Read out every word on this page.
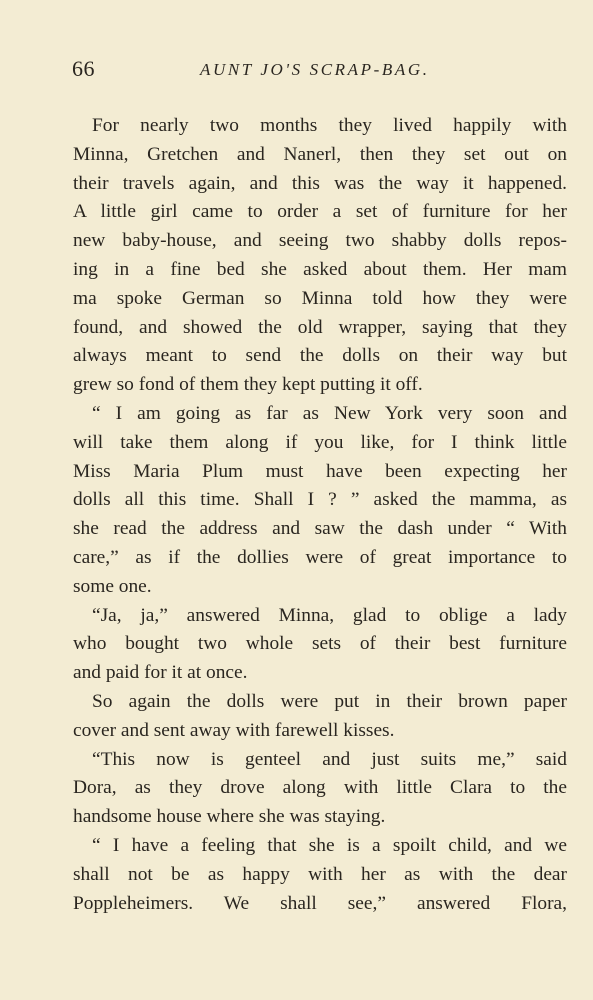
66	AUNT JO'S SCRAP-BAG.
For nearly two months they lived happily with
Minna, Gretchen and Nanerl, then they set out on
their travels again, and this was the way it happened.
A little girl came to order a set of furniture for her
new baby-house, and seeing two shabby dolls repos-
ing in a fine bed she asked about them. Her mam
ma spoke German so Minna told how they were
found, and showed the old wrapper, saying that they
always meant to send the dolls on their way but
grew so fond of them they kept putting it off.
“ I am going as far as New York very soon and
will take them along if you like, for I think little
Miss Maria Plum must have been expecting her
dolls all this time. Shall I ? ” asked the mamma, as
she read the address and saw the dash under “ With
care,” as if the dollies were of great importance to
some one.
“Ja, ja,” answered Minna, glad to oblige a lady
who bought two whole sets of their best furniture
and paid for it at once.
So again the dolls were put in their brown paper
cover and sent away with farewell kisses.
“This now is genteel and just suits me,” said
Dora, as they drove along with little Clara to the
handsome house where she was staying.
“ I have a feeling that she is a spoilt child, and we
shall not be as happy with her as with the dear
Poppleheimers. We shall see,” answered Flora,
